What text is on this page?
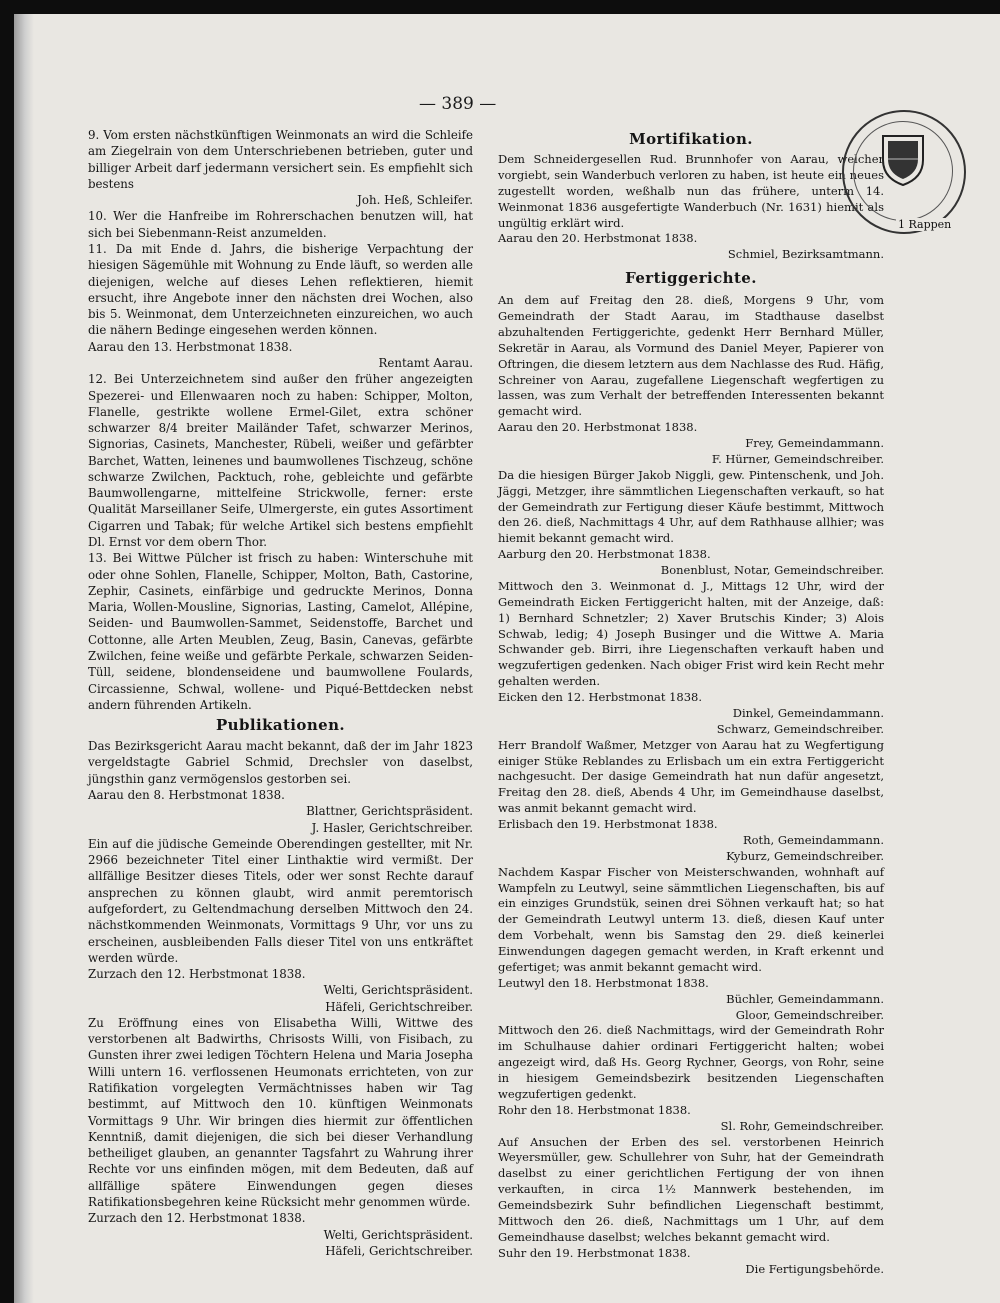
— 389 —

9. Vom ersten nächstkünftigen Weinmonats an wird die Schleife am Ziegelrain von dem Unterschriebenen betrieben, guter und billiger Arbeit darf jedermann versichert sein. Es empfiehlt sich bestens

Joh. Heß, Schleifer.

10. Wer die Hanfreibe im Rohrerschachen benutzen will, hat sich bei Siebenmann-Reist anzumelden.

11. Da mit Ende d. Jahrs, die bisherige Verpachtung der hiesigen Sägemühle mit Wohnung zu Ende läuft, so werden alle diejenigen, welche auf dieses Lehen reflektieren, hiemit ersucht, ihre Angebote inner den nächsten drei Wochen, also bis 5. Weinmonat, dem Unterzeichneten einzureichen, wo auch die nähern Bedinge eingesehen werden können.

Aarau den 13. Herbstmonat 1838.

Rentamt Aarau.

12. Bei Unterzeichnetem sind außer den früher angezeigten Spezerei- und Ellenwaaren noch zu haben: Schipper, Molton, Flanelle, gestrikte wollene Ermel-Gilet, extra schöner schwarzer 8/4 breiter Mailänder Tafet, schwarzer Merinos, Signorias, Casinets, Manchester, Rübeli, weißer und gefärbter Barchet, Watten, leinenes und baumwollenes Tischzeug, schöne schwarze Zwilchen, Packtuch, rohe, gebleichte und gefärbte Baumwollengarne, mittelfeine Strickwolle, ferner: erste Qualität Marseillaner Seife, Ulmergerste, ein gutes Assortiment Cigarren und Tabak; für welche Artikel sich bestens empfiehlt Dl. Ernst vor dem obern Thor.

13. Bei Wittwe Pülcher ist frisch zu haben: Winterschuhe mit oder ohne Sohlen, Flanelle, Schipper, Molton, Bath, Castorine, Zephir, Casinets, einfärbige und gedruckte Merinos, Donna Maria, Wollen-Mousline, Signorias, Lasting, Camelot, Allépine, Seiden- und Baumwollen-Sammet, Seidenstoffe, Barchet und Cottonne, alle Arten Meublen, Zeug, Basin, Canevas, gefärbte Zwilchen, feine weiße und gefärbte Perkale, schwarzen Seiden-Tüll, seidene, blondenseidene und baumwollene Foulards, Circassienne, Schwal, wollene- und Piqué-Bettdecken nebst andern führenden Artikeln.

Publikationen.

Das Bezirksgericht Aarau macht bekannt, daß der im Jahr 1823 vergeldstagte Gabriel Schmid, Drechsler von daselbst, jüngsthin ganz vermögenslos gestorben sei.

Aarau den 8. Herbstmonat 1838.

Blattner, Gerichtspräsident.

J. Hasler, Gerichtschreiber.

Ein auf die jüdische Gemeinde Oberendingen gestellter, mit Nr. 2966 bezeichneter Titel einer Linthaktie wird vermißt. Der allfällige Besitzer dieses Titels, oder wer sonst Rechte darauf ansprechen zu können glaubt, wird anmit peremtorisch aufgefordert, zu Geltendmachung derselben Mittwoch den 24. nächstkommenden Weinmonats, Vormittags 9 Uhr, vor uns zu erscheinen, ausbleibenden Falls dieser Titel von uns entkräftet werden würde.

Zurzach den 12. Herbstmonat 1838.

Welti, Gerichtspräsident.

Häfeli, Gerichtschreiber.

Zu Eröffnung eines von Elisabetha Willi, Wittwe des verstorbenen alt Badwirths, Chrisosts Willi, von Fisibach, zu Gunsten ihrer zwei ledigen Töchtern Helena und Maria Josepha Willi untern 16. verflossenen Heumonats errichteten, von zur Ratifikation vorgelegten Vermächtnisses haben wir Tag bestimmt, auf Mittwoch den 10. künftigen Weinmonats Vormittags 9 Uhr. Wir bringen dies hiermit zur öffentlichen Kenntniß, damit diejenigen, die sich bei dieser Verhandlung betheiliget glauben, an genannter Tagsfahrt zu Wahrung ihrer Rechte vor uns einfinden mögen, mit dem Bedeuten, daß auf allfällige spätere Einwendungen gegen dieses Ratifikationsbegehren keine Rücksicht mehr genommen würde.

Zurzach den 12. Herbstmonat 1838.

Welti, Gerichtspräsident.

Häfeli, Gerichtschreiber.

Mortifikation.

Dem Schneidergesellen Rud. Brunnhofer von Aarau, welcher vorgiebt, sein Wanderbuch verloren zu haben, ist heute ein neues zugestellt worden, weßhalb nun das frühere, unterm 14. Weinmonat 1836 ausgefertigte Wanderbuch (Nr. 1631) hiemit als ungültig erklärt wird.

Aarau den 20. Herbstmonat 1838.

Schmiel, Bezirksamtmann.

Fertiggerichte.

An dem auf Freitag den 28. dieß, Morgens 9 Uhr, vom Gemeindrath der Stadt Aarau, im Stadthause daselbst abzuhaltenden Fertiggerichte, gedenkt Herr Bernhard Müller, Sekretär in Aarau, als Vormund des Daniel Meyer, Papierer von Oftringen, die diesem letztern aus dem Nachlasse des Rud. Häfig, Schreiner von Aarau, zugefallene Liegenschaft wegfertigen zu lassen, was zum Verhalt der betreffenden Interessenten bekannt gemacht wird.

Aarau den 20. Herbstmonat 1838.

Frey, Gemeindammann.

F. Hürner, Gemeindschreiber.

Da die hiesigen Bürger Jakob Niggli, gew. Pintenschenk, und Joh. Jäggi, Metzger, ihre sämmtlichen Liegenschaften verkauft, so hat der Gemeindrath zur Fertigung dieser Käufe bestimmt, Mittwoch den 26. dieß, Nachmittags 4 Uhr, auf dem Rathhause allhier; was hiemit bekannt gemacht wird.

Aarburg den 20. Herbstmonat 1838.

Bonenblust, Notar, Gemeindschreiber.

Mittwoch den 3. Weinmonat d. J., Mittags 12 Uhr, wird der Gemeindrath Eicken Fertiggericht halten, mit der Anzeige, daß: 1) Bernhard Schnetzler; 2) Xaver Brutschis Kinder; 3) Alois Schwab, ledig; 4) Joseph Businger und die Wittwe A. Maria Schwander geb. Birri, ihre Liegenschaften verkauft haben und wegzufertigen gedenken. Nach obiger Frist wird kein Recht mehr gehalten werden.

Eicken den 12. Herbstmonat 1838.

Dinkel, Gemeindammann.

Schwarz, Gemeindschreiber.

Herr Brandolf Waßmer, Metzger von Aarau hat zu Wegfertigung einiger Stüke Reblandes zu Erlisbach um ein extra Fertiggericht nachgesucht. Der dasige Gemeindrath hat nun dafür angesetzt, Freitag den 28. dieß, Abends 4 Uhr, im Gemeindhause daselbst, was anmit bekannt gemacht wird.

Erlisbach den 19. Herbstmonat 1838.

Roth, Gemeindammann.

Kyburz, Gemeindschreiber.

Nachdem Kaspar Fischer von Meisterschwanden, wohnhaft auf Wampfeln zu Leutwyl, seine sämmtlichen Liegenschaften, bis auf ein einziges Grundstük, seinen drei Söhnen verkauft hat; so hat der Gemeindrath Leutwyl unterm 13. dieß, diesen Kauf unter dem Vorbehalt, wenn bis Samstag den 29. dieß keinerlei Einwendungen dagegen gemacht werden, in Kraft erkennt und gefertiget; was anmit bekannt gemacht wird.

Leutwyl den 18. Herbstmonat 1838.

Büchler, Gemeindammann.

Gloor, Gemeindschreiber.

Mittwoch den 26. dieß Nachmittags, wird der Gemeindrath Rohr im Schulhause dahier ordinari Fertiggericht halten; wobei angezeigt wird, daß Hs. Georg Rychner, Georgs, von Rohr, seine in hiesigem Gemeindsbezirk besitzenden Liegenschaften wegzufertigen gedenkt.

Rohr den 18. Herbstmonat 1838.

Sl. Rohr, Gemeindschreiber.

Auf Ansuchen der Erben des sel. verstorbenen Heinrich Weyersmüller, gew. Schullehrer von Suhr, hat der Gemeindrath daselbst zu einer gerichtlichen Fertigung der von ihnen verkauften, in circa 1½ Mannwerk bestehenden, im Gemeindsbezirk Suhr befindlichen Liegenschaft bestimmt, Mittwoch den 26. dieß, Nachmittags um 1 Uhr, auf dem Gemeindhause daselbst; welches bekannt gemacht wird.

Suhr den 19. Herbstmonat 1838.

Die Fertigungsbehörde.

1 Rappen
